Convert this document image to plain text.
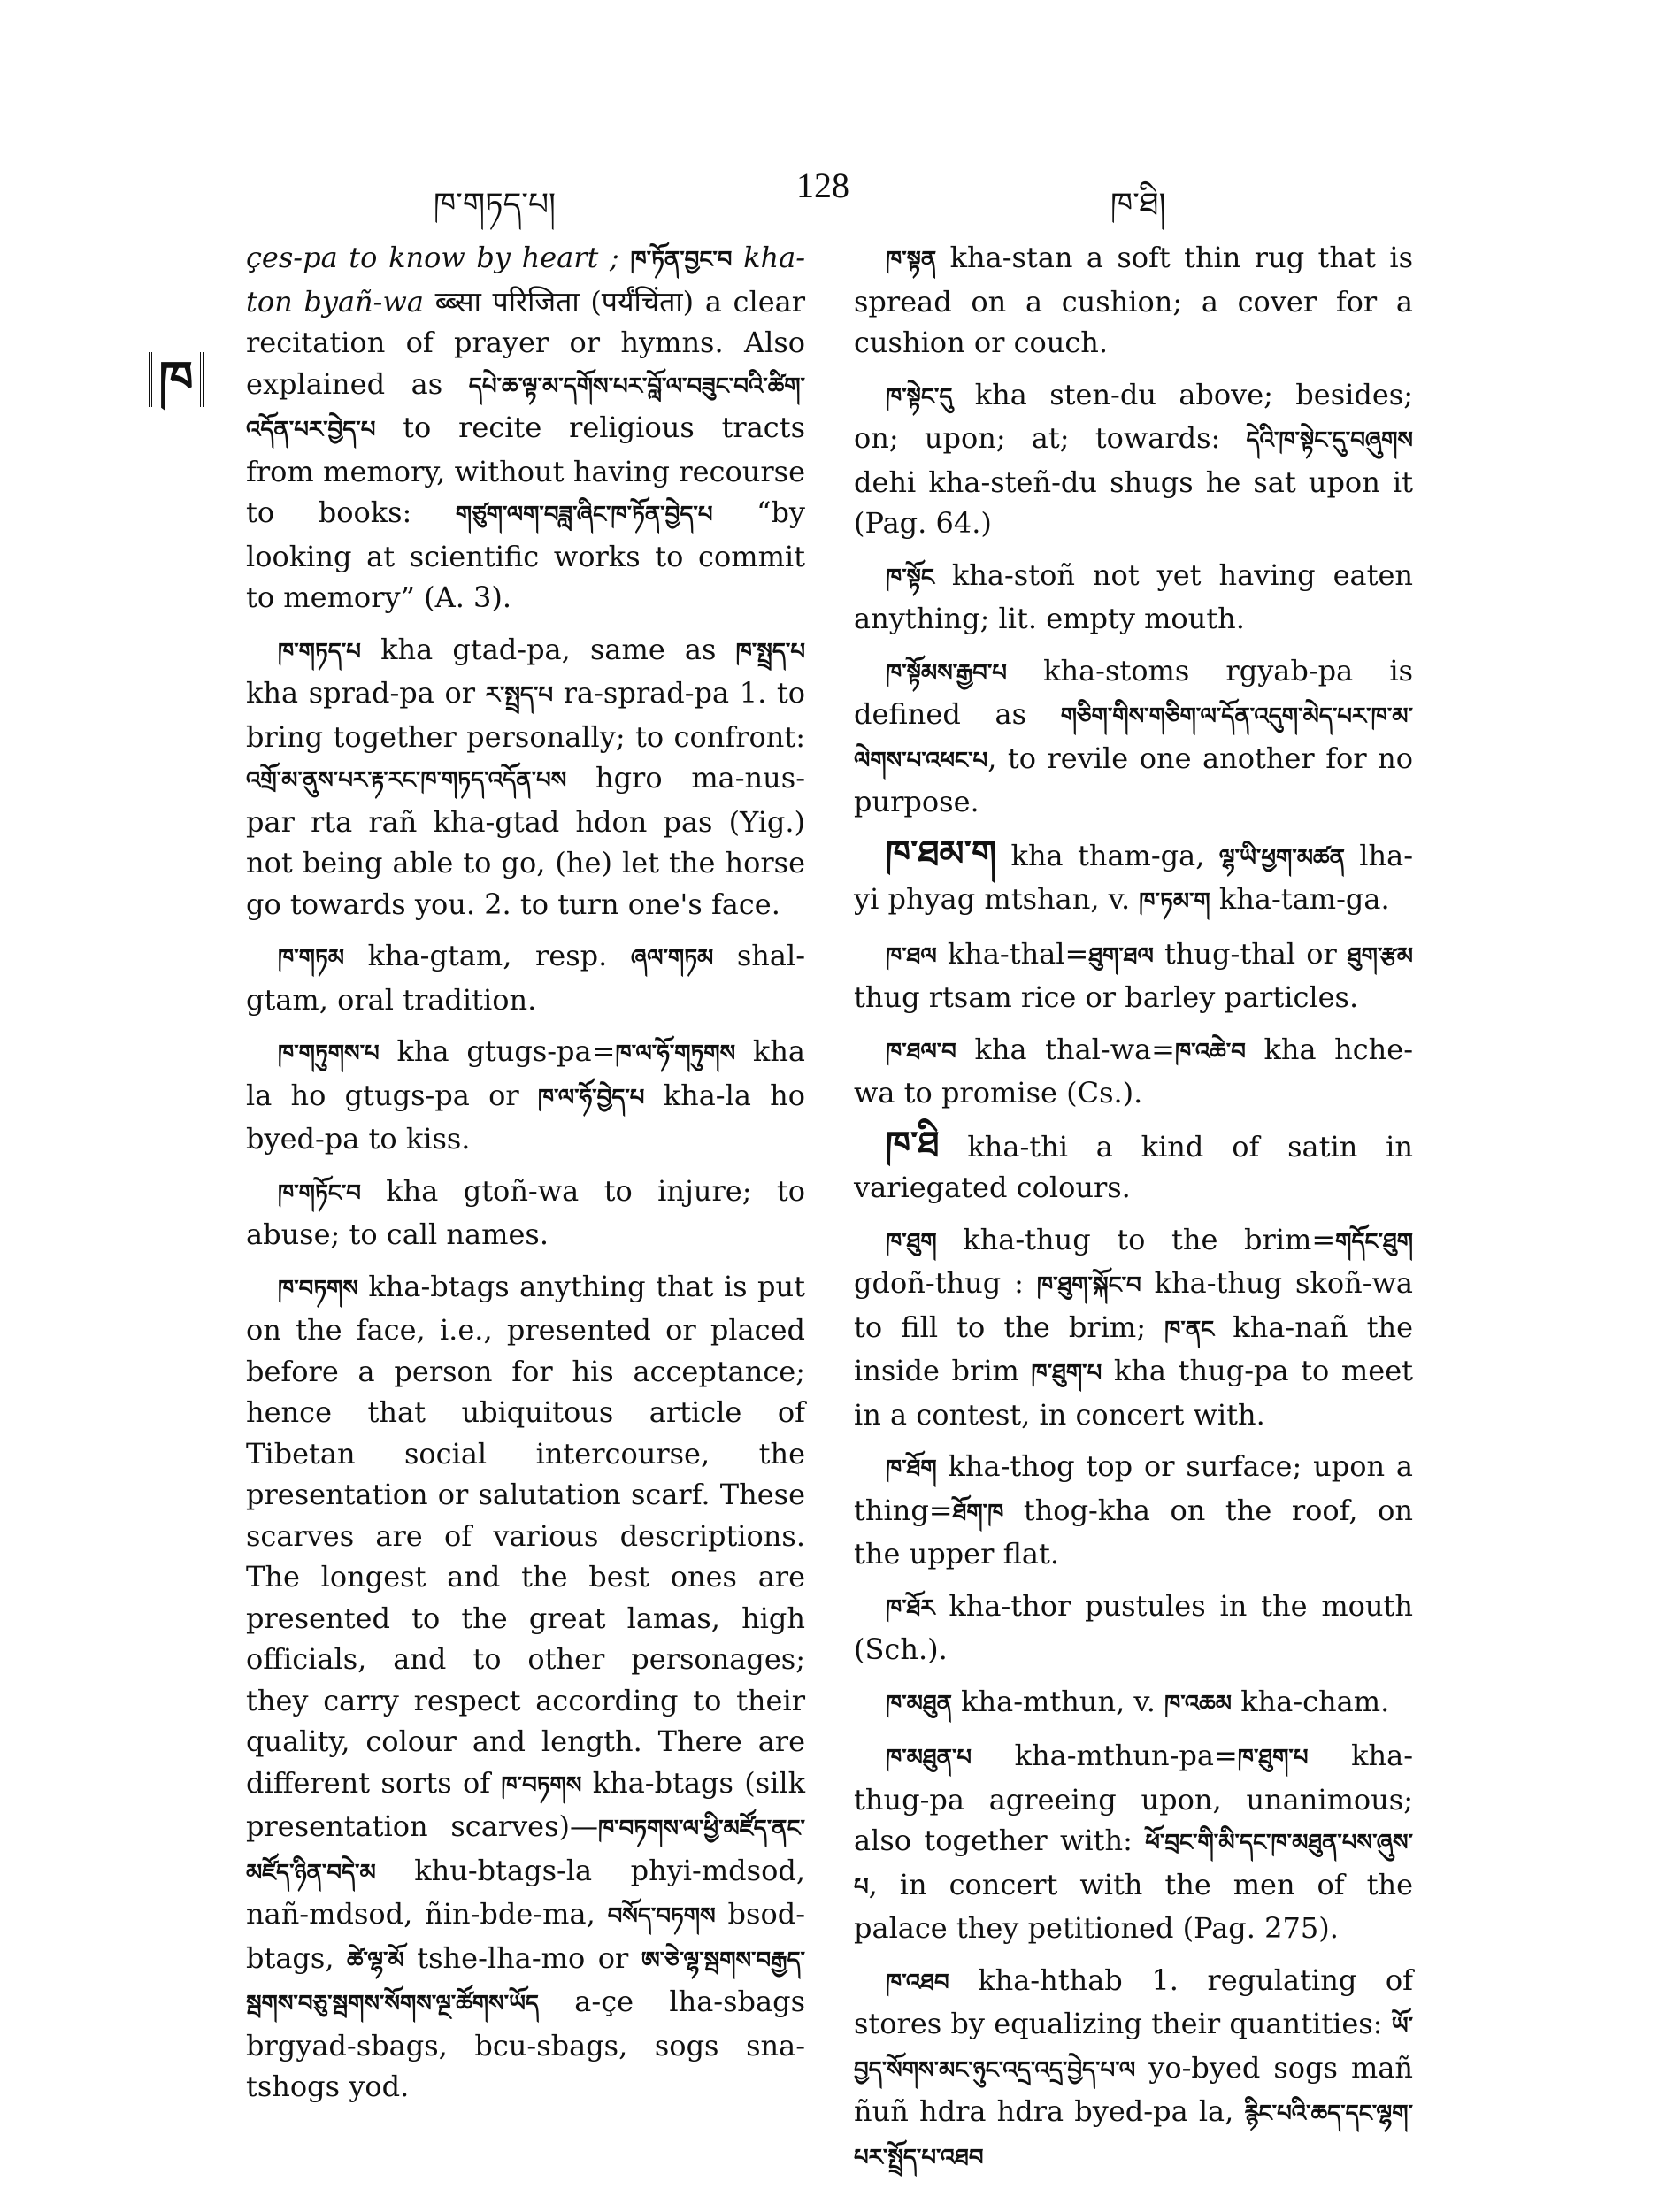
ཁ་གཏད་པ།	128	ཁ་ཐི།
ཁ

çes-pa to know by heart ; ཁ་ཏོན་བྱང་བ kha-ton byañ-wa ब्ब्सा परिजिता (पर्यंचिंता) a clear recitation of prayer or hymns. Also explained as དཔེ་ཆ་ལྟ་མ་དགོས་པར་བློ་ལ་བཟུང་བའི་ཚིག་འདོན་པར་བྱེད་པ to recite religious tracts from memory, without having recourse to books: གཙུག་ལག་བཟླ་ཞིང་ཁ་ཏོན་བྱེད་པ “by looking at scientific works to commit to memory” (A. 3).

ཁ་གཏད་པ kha gtad-pa, same as ཁ་སྤྲད་པ kha sprad-pa or ར་སྤྲད་པ ra-sprad-pa 1. to bring together personally; to confront: འགྲོ་མ་ནུས་པར་རྟ་རང་ཁ་གཏད་འདོན་པས hgro ma-nus-par rta rañ kha-gtad hdon pas (Yig.) not being able to go, (he) let the horse go towards you. 2. to turn one's face.

ཁ་གཏམ kha-gtam, resp. ཞལ་གཏམ shal-gtam, oral tradition.

ཁ་གཏུགས་པ kha gtugs-pa=ཁ་ལ་ཧོ་གཏུགས kha la ho gtugs-pa or ཁ་ལ་ཧོ་བྱེད་པ kha-la ho byed-pa to kiss.

ཁ་གཏོང་བ kha gtoñ-wa to injure; to abuse; to call names.

ཁ་བཏགས kha-btags anything that is put on the face, i.e., presented or placed before a person for his acceptance; hence that ubiquitous article of Tibetan social intercourse, the presentation or salutation scarf. These scarves are of various descriptions. The longest and the best ones are presented to the great lamas, high officials, and to other personages; they carry respect according to their quality, colour and length. There are different sorts of ཁ་བཏགས kha-btags (silk presentation scarves)—ཁ་བཏགས་ལ་ཕྱི་མཛོད་ནང་མཛོད་ཉིན་བདེ་མ khu-btags-la phyi-mdsod, nañ-mdsod, ñin-bde-ma, བསོད་བཏགས bsod-btags, ཚེ་ལྷ་མོ tshe-lha-mo or ཨ་ཅེ་ལྷ་སྦགས་བརྒྱད་སྦགས་བཅུ་སྦགས་སོགས་ལྔ་ཚོགས་ཡོད a-çe lha-sbags brgyad-sbags, bcu-sbags, sogs sna-tshogs yod.

ཁ་སྟན kha-stan a soft thin rug that is spread on a cushion; a cover for a cushion or couch.

ཁ་སྟེང་དུ kha sten-du above; besides; on; upon; at; towards: དེའི་ཁ་སྟེང་དུ་བཞུགས dehi kha-steñ-du shugs he sat upon it (Pag. 64.)

ཁ་སྟོང kha-stoñ not yet having eaten anything; lit. empty mouth.

ཁ་སྟོམས་རྒྱབ་པ kha-stoms rgyab-pa is defined as གཅིག་གིས་གཅིག་ལ་དོན་འདུག་མེད་པར་ཁ་མ་ལེགས་པ་འཕང་པ, to revile one another for no purpose.

ཁ་ཐམ་ག kha tham-ga, ལྷ་ཡི་ཕྱག་མཚན lha-yi phyag mtshan, v. ཁ་ཏམ་ག kha-tam-ga.

ཁ་ཐལ kha-thal=ཐུག་ཐལ thug-thal or ཐུག་རྩམ thug rtsam rice or barley particles.

ཁ་ཐལ་བ kha thal-wa=ཁ་འཆེ་བ kha hche-wa to promise (Cs.).

ཁ་ཐི kha-thi a kind of satin in variegated colours.

ཁ་ཐུག kha-thug to the brim=གདོང་ཐུག gdoñ-thug : ཁ་ཐུག་སྐོང་བ kha-thug skoñ-wa to fill to the brim; ཁ་ནང kha-nañ the inside brim ཁ་ཐུག་པ kha thug-pa to meet in a contest, in concert with.

ཁ་ཐོག kha-thog top or surface; upon a thing=ཐོག་ཁ thog-kha on the roof, on the upper flat.

ཁ་ཐོར kha-thor pustules in the mouth (Sch.).

ཁ་མཐུན kha-mthun, v. ཁ་འཆམ kha-cham.

ཁ་མཐུན་པ kha-mthun-pa=ཁ་ཐུག་པ kha-thug-pa agreeing upon, unanimous; also together with: ཕོ་བྲང་གི་མི་དང་ཁ་མཐུན་པས་ཞུས་པ, in concert with the men of the palace they petitioned (Pag. 275).

ཁ་འཐབ kha-hthab 1. regulating of stores by equalizing their quantities: ཡོ་བྱད་སོགས་མང་ཉུང་འདྲ་འདྲ་བྱེད་པ་ལ yo-byed sogs mañ ñuñ hdra hdra byed-pa la, རྙིང་པའི་ཆད་དང་ལྷག་པར་སྤྲོད་པ་འཐབ
